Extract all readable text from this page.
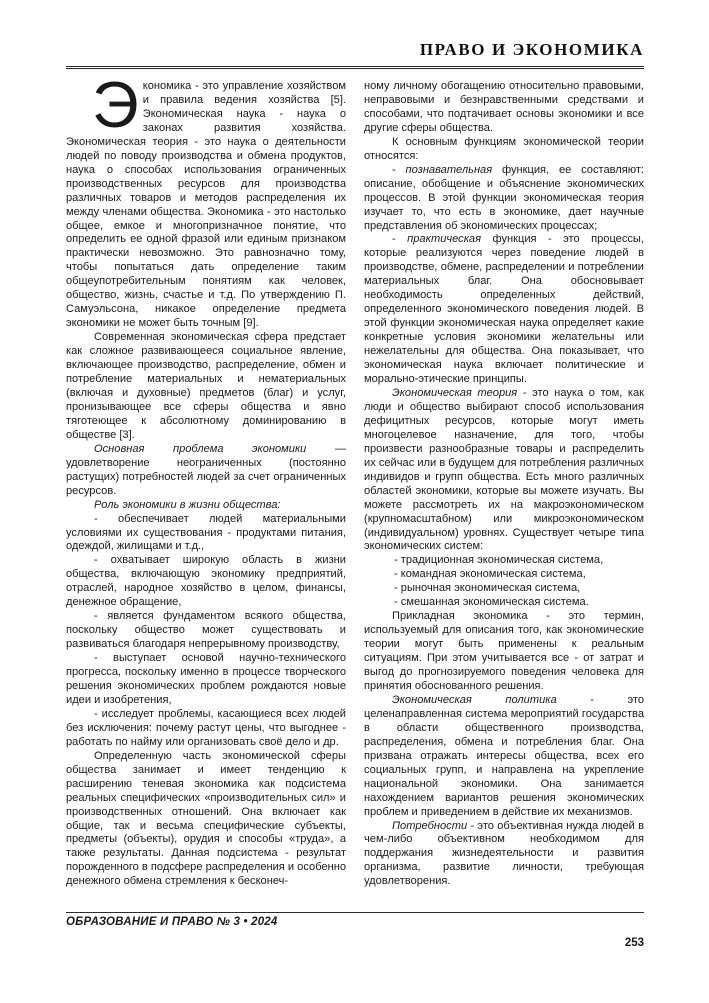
ПРАВО И ЭКОНОМИКА

Экономика - это управление хозяйством и правила ведения хозяйства [5]. Экономическая наука - наука о законах развития хозяйства. Экономическая теория - это наука о деятельности людей по поводу производства и обмена продуктов, наука о способах использования ограниченных производственных ресурсов для производства различных товаров и методов распределения их между членами общества. Экономика - это настолько общее, емкое и многопризначное понятие, что определить ее одной фразой или единым признаком практически невозможно. Это равнозначно тому, чтобы попытаться дать определение таким общеупотребительным понятиям как человек, общество, жизнь, счастье и т.д. По утверждению П. Самуэльсона, никакое определение предмета экономики не может быть точным [9].

Современная экономическая сфера предстает как сложное развивающееся социальное явление, включающее производство, распределение, обмен и потребление материальных и нематериальных (включая и духовные) предметов (благ) и услуг, пронизывающее все сферы общества и явно тяготеющее к абсолютному доминированию в обществе [3].

Основная проблема экономики — удовлетворение неограниченных (постоянно растущих) потребностей людей за счет ограниченных ресурсов.

Роль экономики в жизни общества:

- обеспечивает людей материальными условиями их существования - продуктами питания, одеждой, жилищами и т.д.,

- охватывает широкую область в жизни общества, включающую экономику предприятий, отраслей, народное хозяйство в целом, финансы, денежное обращение,

- является фундаментом всякого общества, поскольку общество может существовать и развиваться благодаря непрерывному производству,

- выступает основой научно-технического прогресса, поскольку именно в процессе творческого решения экономических проблем рождаются новые идеи и изобретения,

- исследует проблемы, касающиеся всех людей без исключения: почему растут цены, что выгоднее - работать по найму или организовать своё дело и др.

Определенную часть экономической сферы общества занимает и имеет тенденцию к расширению теневая экономика как подсистема реальных специфических «производительных сил» и производственных отношений. Она включает как общие, так и весьма специфические субъекты, предметы (объекты), орудия и способы «труда», а также результаты. Данная подсистема - результат порожденного в подсфере распределения и особенно денежного обмена стремления к бесконеч-

ному личному обогащению относительно правовыми, неправовыми и безнравственными средствами и способами, что подтачивает основы экономики и все другие сферы общества.

К основным функциям экономической теории относятся:

- познавательная функция, ее составляют: описание, обобщение и объяснение экономических процессов. В этой функции экономическая теория изучает то, что есть в экономике, дает научные представления об экономических процессах;

- практическая функция - это процессы, которые реализуются через поведение людей в производстве, обмене, распределении и потреблении материальных благ. Она обосновывает необходимость определенных действий, определенного экономического поведения людей. В этой функции экономическая наука определяет какие конкретные условия экономики желательны или нежелательны для общества. Она показывает, что экономическая наука включает политические и морально-этические принципы.

Экономическая теория - это наука о том, как люди и общество выбирают способ использования дефицитных ресурсов, которые могут иметь многоцелевое назначение, для того, чтобы произвести разнообразные товары и распределить их сейчас или в будущем для потребления различных индивидов и групп общества. Есть много различных областей экономики, которые вы можете изучать. Вы можете рассмотреть их на макроэкономическом (крупномасштабном) или микроэкономическом (индивидуальном) уровнях. Существует четыре типа экономических систем:

- традиционная экономическая система,

- командная экономическая система,

- рыночная экономическая система,

- смешанная экономическая система.

Прикладная экономика - это термин, используемый для описания того, как экономические теории могут быть применены к реальным ситуациям. При этом учитывается все - от затрат и выгод до прогнозируемого поведения человека для принятия обоснованного решения.

Экономическая политика - это целенаправленная система мероприятий государства в области общественного производства, распределения, обмена и потребления благ. Она призвана отражать интересы общества, всех его социальных групп, и направлена на укрепление национальной экономики. Она занимается нахождением вариантов решения экономических проблем и приведением в действие их механизмов.

Потребности - это объективная нужда людей в чем-либо объективном необходимом для поддержания жизнедеятельности и развития организма, развитие личности, требующая удовлетворения.

ОБРАЗОВАНИЕ И ПРАВО № 3 • 2024
253
